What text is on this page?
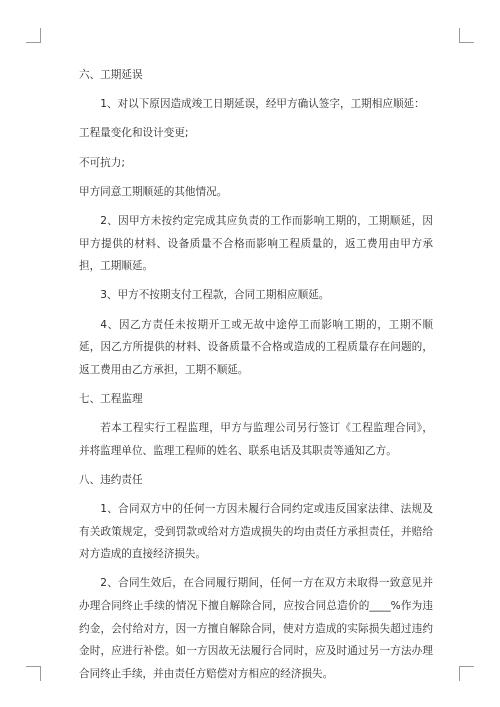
六、工期延误

1、对以下原因造成竣工日期延误，经甲方确认签字，工期相应顺延：

工程量变化和设计变更;

不可抗力;

甲方同意工期顺延的其他情况。

2、因甲方未按约定完成其应负责的工作而影响工期的，工期顺延，因甲方提供的材料、设备质量不合格而影响工程质量的，返工费用由甲方承担，工期顺延。

3、甲方不按期支付工程款，合同工期相应顺延。

4、因乙方责任未按期开工或无故中途停工而影响工期的，工期不顺延，因乙方所提供的材料、设备质量不合格或造成的工程质量存在问题的，返工费用由乙方承担，工期不顺延。

七、工程监理

若本工程实行工程监理，甲方与监理公司另行签订《工程监理合同》，并将监理单位、监理工程师的姓名、联系电话及其职责等通知乙方。

八、违约责任

1、合同双方中的任何一方因未履行合同约定或违反国家法律、法规及有关政策规定，受到罚款或给对方造成损失的均由责任方承担责任，并赔给对方造成的直接经济损失。

2、合同生效后，在合同履行期间，任何一方在双方未取得一致意见并办理合同终止手续的情况下擅自解除合同，应按合同总造价的____%作为违约金，会付给对方，因一方擅自解除合同，使对方造成的实际损失超过违约金时，应进行补偿。如一方因故无法履行合同时，应及时通过另一方法办理合同终止手续，并由责任方赔偿对方相应的经济损失。
